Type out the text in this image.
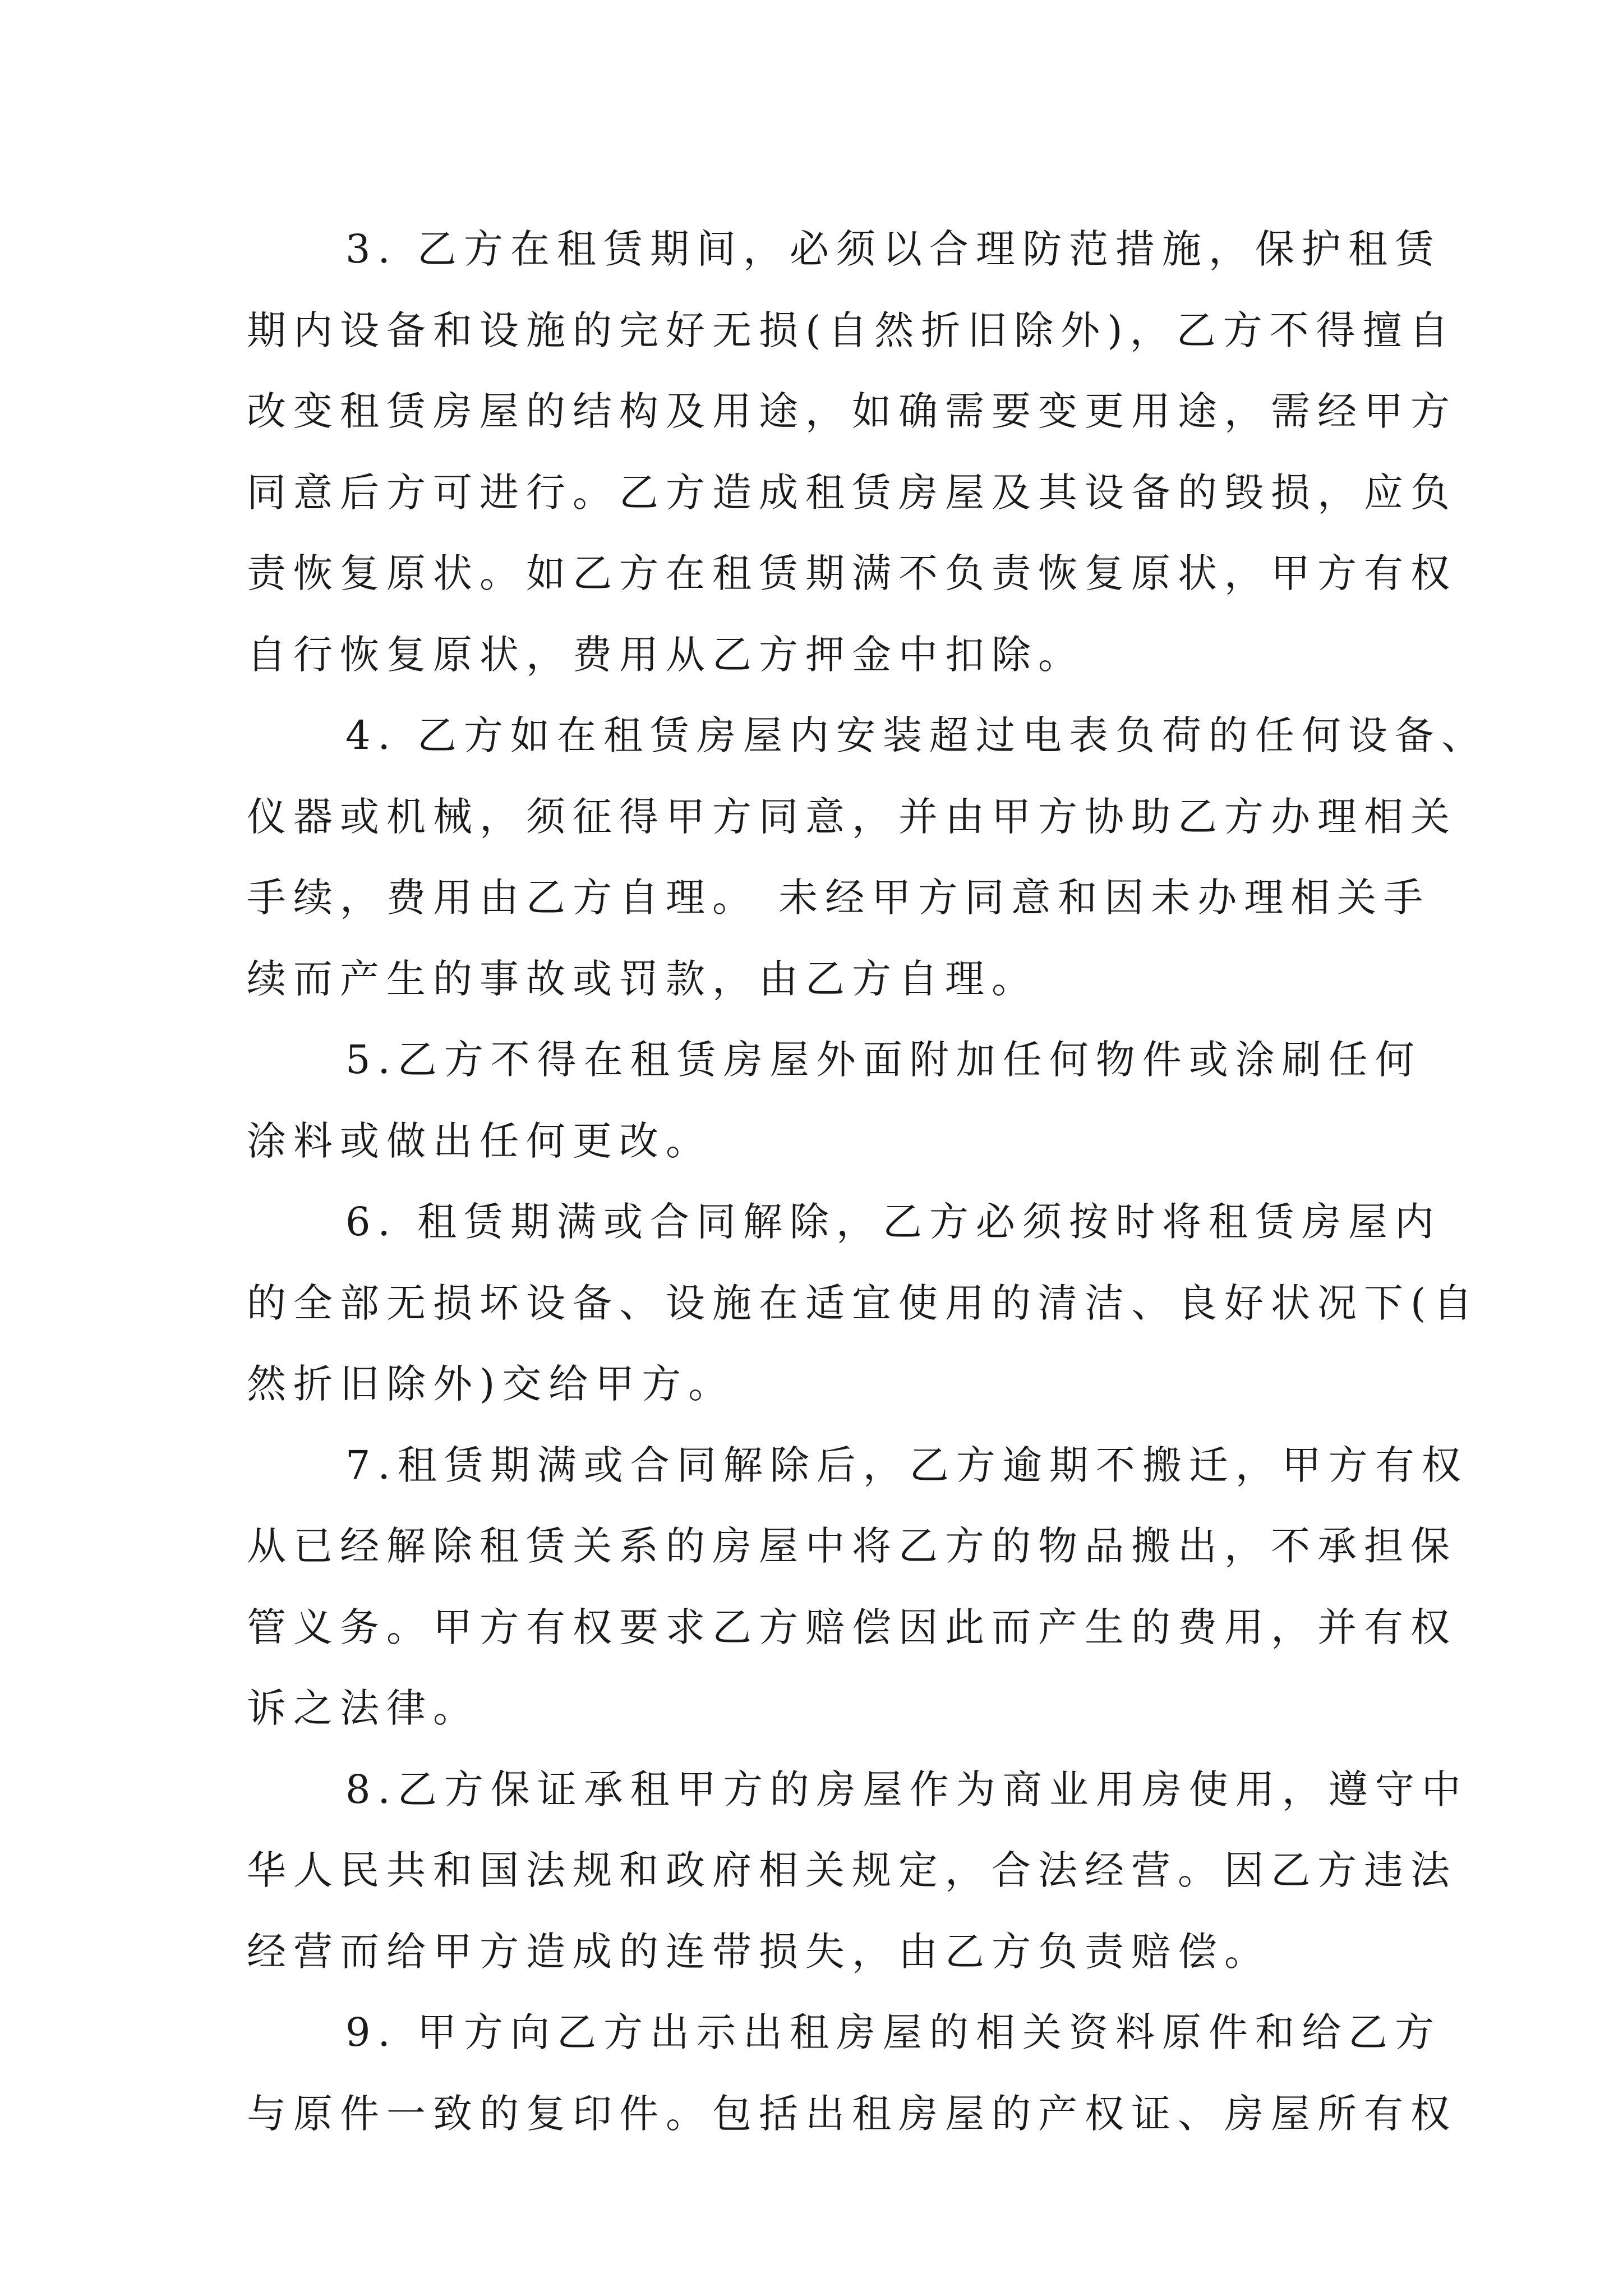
3. 乙方在租赁期间，必须以合理防范措施，保护租赁
期内设备和设施的完好无损(自然折旧除外)，乙方不得擅自
改变租赁房屋的结构及用途，如确需要变更用途，需经甲方
同意后方可进行。乙方造成租赁房屋及其设备的毁损，应负
责恢复原状。如乙方在租赁期满不负责恢复原状，甲方有权
自行恢复原状，费用从乙方押金中扣除。

4. 乙方如在租赁房屋内安装超过电表负荷的任何设备、
仪器或机械，须征得甲方同意，并由甲方协助乙方办理相关
手续，费用由乙方自理。 未经甲方同意和因未办理相关手
续而产生的事故或罚款，由乙方自理。

5.乙方不得在租赁房屋外面附加任何物件或涂刷任何
涂料或做出任何更改。

6. 租赁期满或合同解除，乙方必须按时将租赁房屋内
的全部无损坏设备、设施在适宜使用的清洁、良好状况下(自
然折旧除外)交给甲方。

7.租赁期满或合同解除后，乙方逾期不搬迁，甲方有权
从已经解除租赁关系的房屋中将乙方的物品搬出，不承担保
管义务。甲方有权要求乙方赔偿因此而产生的费用，并有权
诉之法律。

8.乙方保证承租甲方的房屋作为商业用房使用，遵守中
华人民共和国法规和政府相关规定，合法经营。因乙方违法
经营而给甲方造成的连带损失，由乙方负责赔偿。

9. 甲方向乙方出示出租房屋的相关资料原件和给乙方
与原件一致的复印件。包括出租房屋的产权证、房屋所有权
